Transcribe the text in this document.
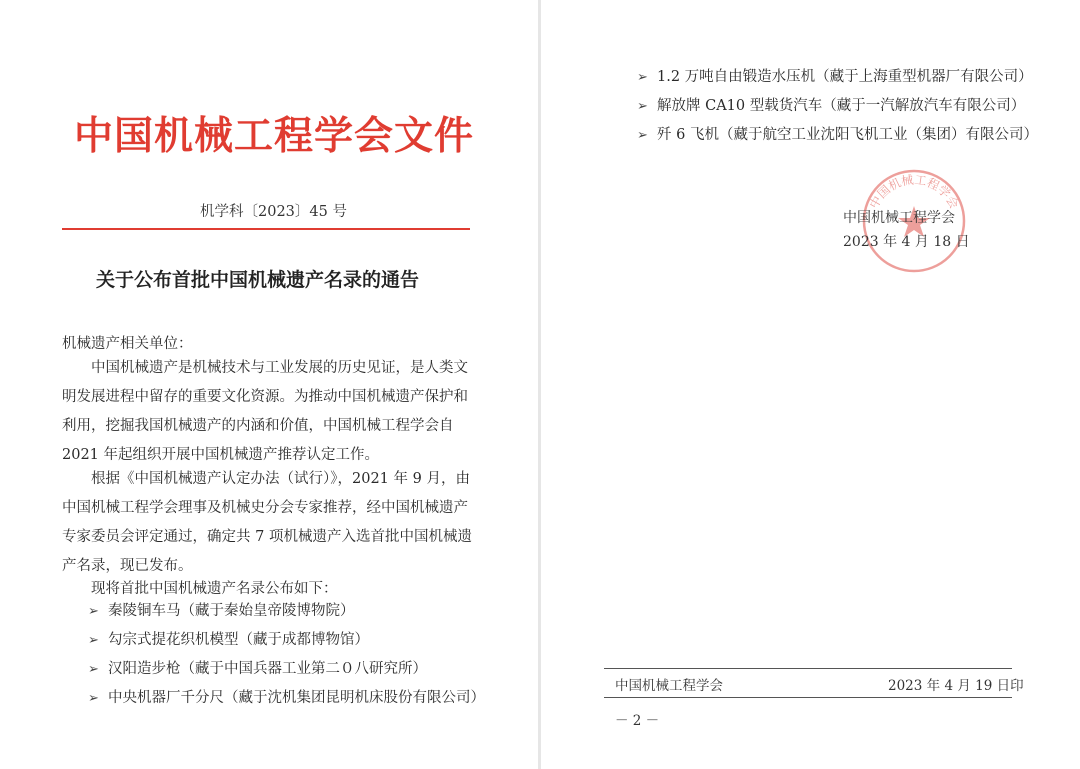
中国机械工程学会文件
机学科〔2023〕45 号
关于公布首批中国机械遗产名录的通告
机械遗产相关单位：
中国机械遗产是机械技术与工业发展的历史见证，是人类文明发展进程中留存的重要文化资源。为推动中国机械遗产保护和利用，挖掘我国机械遗产的内涵和价值，中国机械工程学会自2021 年起组织开展中国机械遗产推荐认定工作。
根据《中国机械遗产认定办法（试行）》，2021 年 9 月，由中国机械工程学会理事及机械史分会专家推荐，经中国机械遗产专家委员会评定通过，确定共 7 项机械遗产入选首批中国机械遗产名录，现已发布。
现将首批中国机械遗产名录公布如下：
➢ 秦陵铜车马（藏于秦始皇帝陵博物院）
➢ 勾宗式提花织机模型（藏于成都博物馆）
➢ 汉阳造步枪（藏于中国兵器工业第二０八研究所）
➢ 中央机器厂千分尺（藏于沈机集团昆明机床股份有限公司）
➢ 1.2 万吨自由锻造水压机（藏于上海重型机器厂有限公司）
➢ 解放牌 CA10 型载货汽车（藏于一汽解放汽车有限公司）
➢ 歼 6 飞机（藏于航空工业沈阳飞机工业（集团）有限公司）
中国机械工程学会
中国机械工程学会
2023 年 4 月 18 日
中国机械工程学会	2023 年 4 月 19 日印
－ 2 －
